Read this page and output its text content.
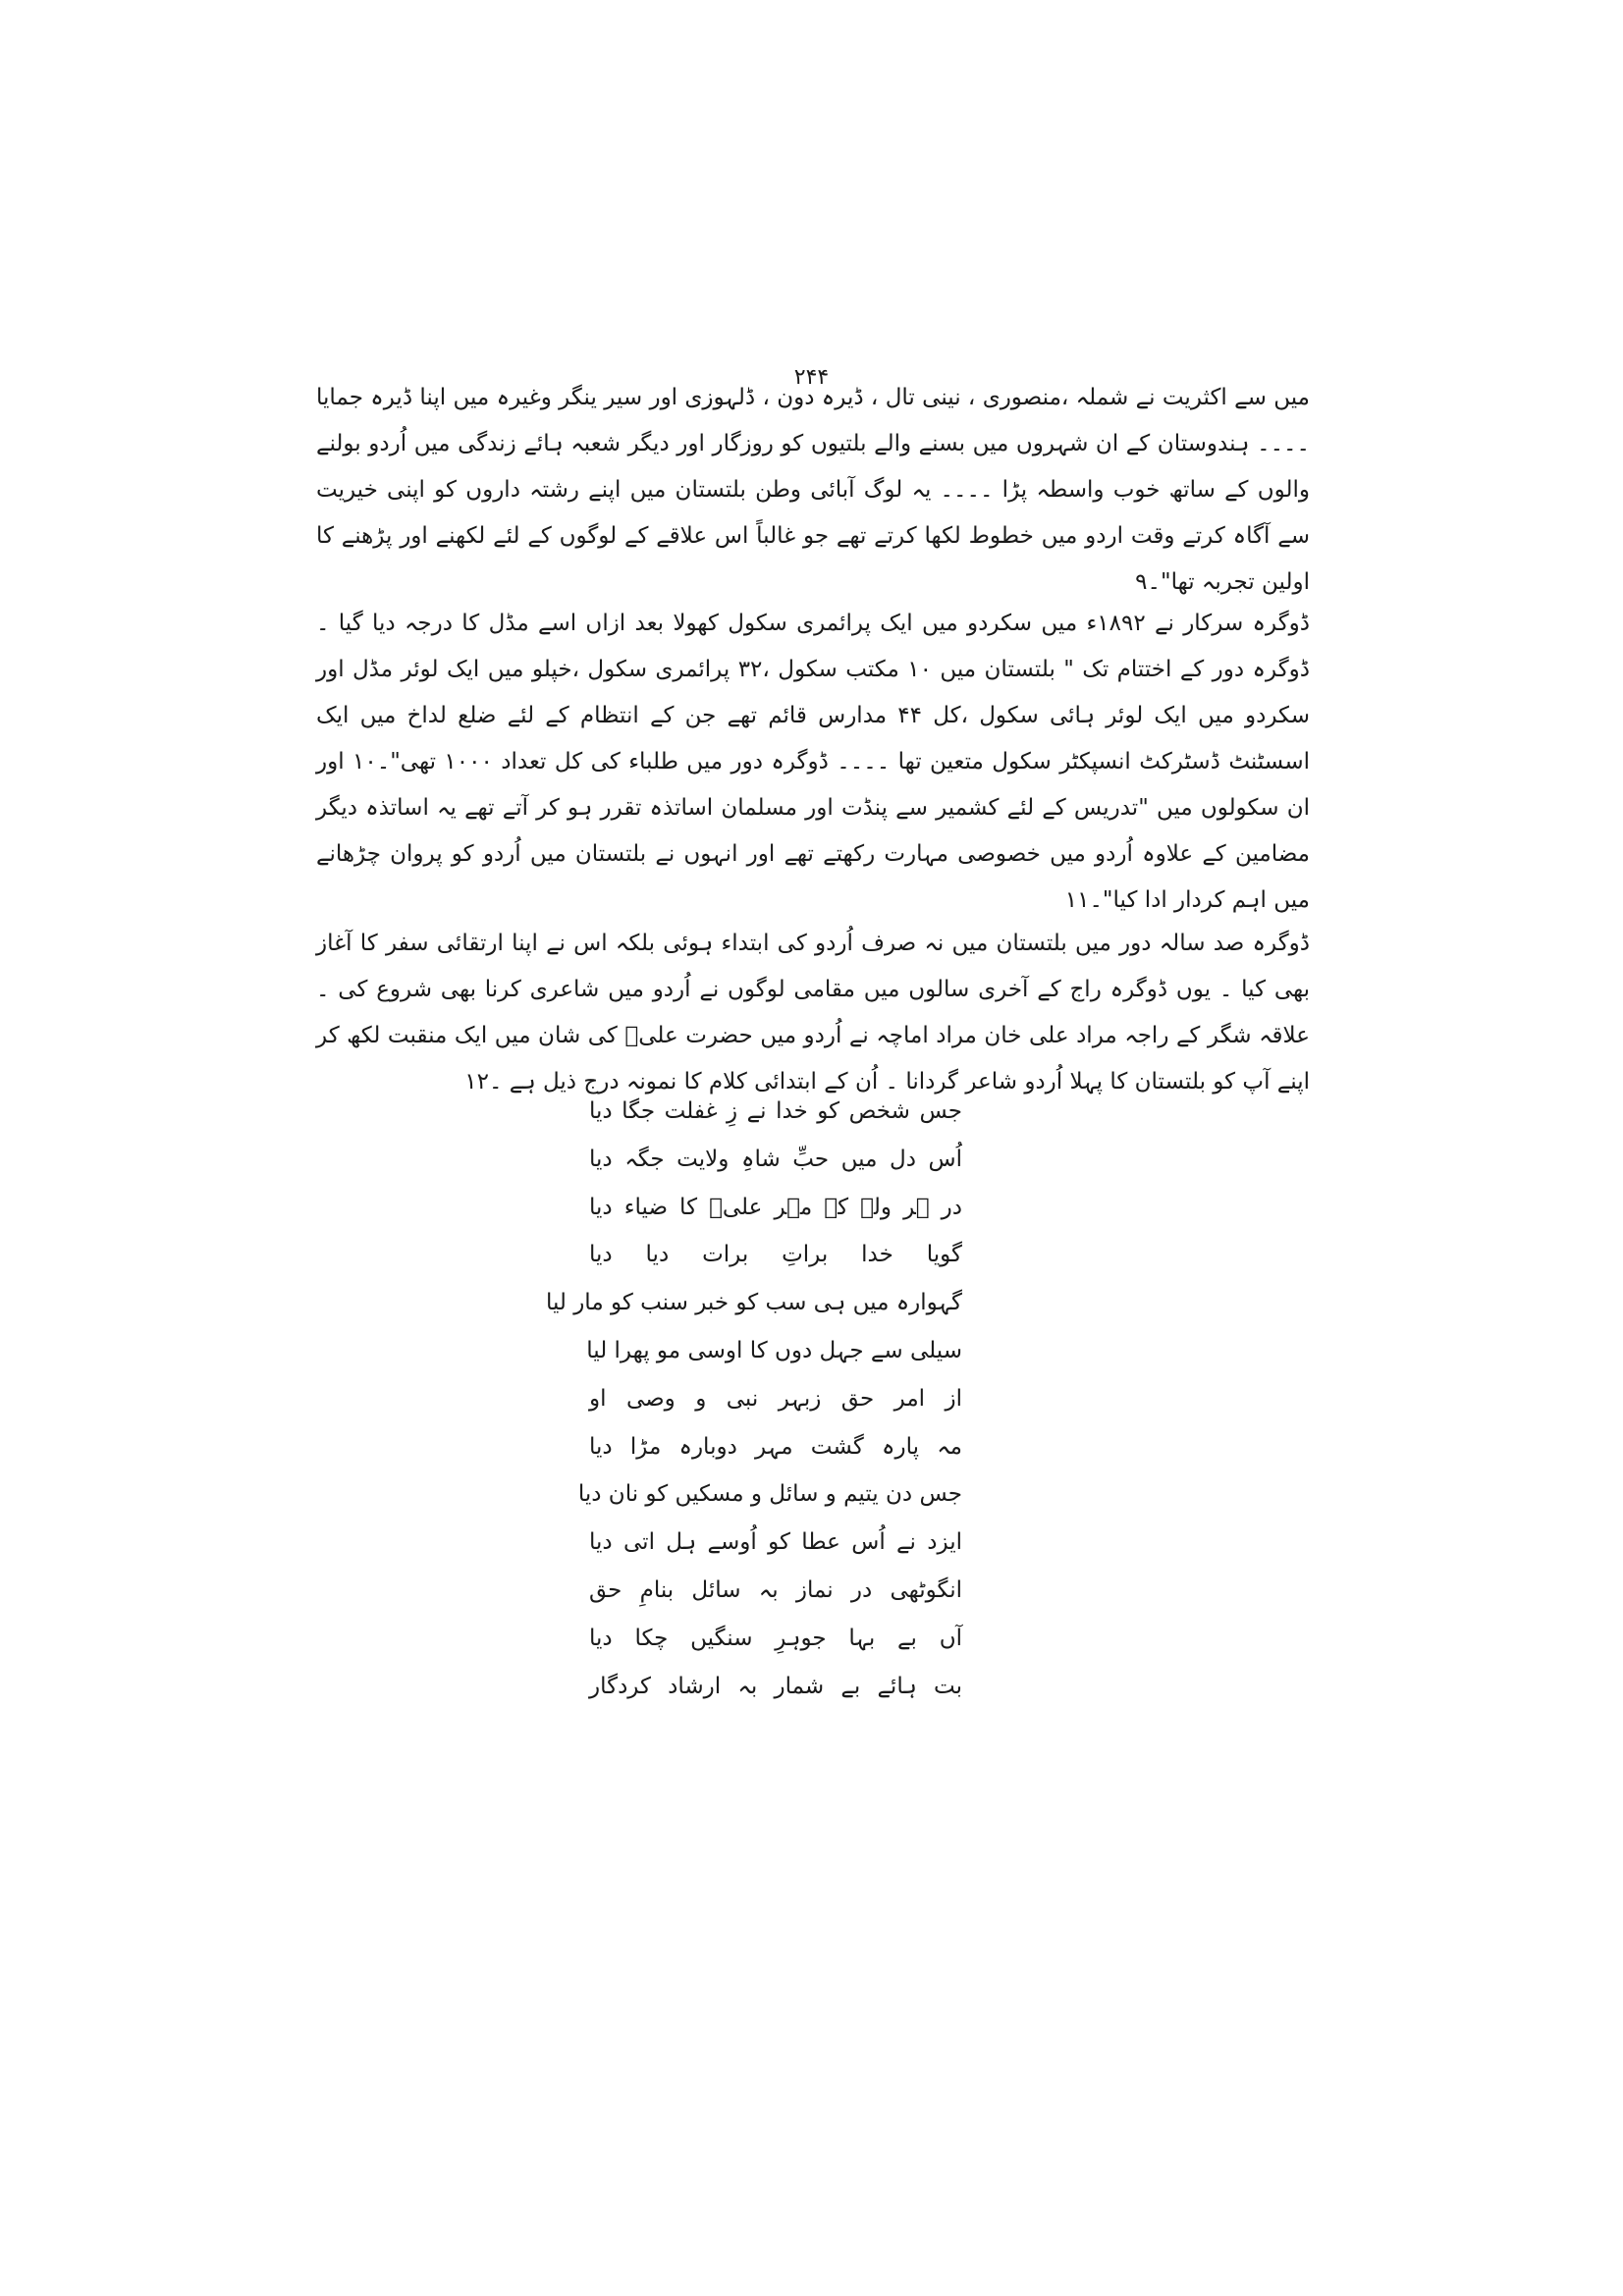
۲۴۴

میں سے اکثریت نے شملہ ،منصوری ، نینی تال ، ڈیرہ دون ، ڈلہوزی اور سیر ینگر وغیرہ میں اپنا ڈیرہ جمایا ۔۔۔۔ ہندوستان کے ان شہروں میں بسنے والے بلتیوں کو روزگار اور دیگر شعبہ ہائے زندگی میں اُردو بولنے والوں کے ساتھ خوب واسطہ پڑا ۔۔۔۔ یہ لوگ آبائی وطن بلتستان میں اپنے رشتہ داروں کو اپنی خیریت سے آگاہ کرتے وقت اردو میں خطوط لکھا کرتے تھے جو غالباً اس علاقے کے لوگوں کے لئے لکھنے اور پڑھنے کا اولین تجربہ تھا"۔۹

ڈوگرہ سرکار نے ۱۸۹۲ء میں سکردو میں ایک پرائمری سکول کھولا بعد ازاں اسے مڈل کا درجہ دیا گیا ۔ ڈوگرہ دور کے اختتام تک " بلتستان میں ۱۰ مکتب سکول ،۳۲ پرائمری سکول ،خپلو میں ایک لوئر مڈل اور سکردو میں ایک لوئر ہائی سکول ،کل ۴۴ مدارس قائم تھے جن کے انتظام کے لئے ضلع لداخ میں ایک اسسٹنٹ ڈسٹرکٹ انسپکٹر سکول متعین تھا ۔۔۔۔ ڈوگرہ دور میں طلباء کی کل تعداد ۱۰۰۰ تھی"۔۱۰ اور ان سکولوں میں "تدریس کے لئے کشمیر سے پنڈت اور مسلمان اساتذہ تقرر ہو کر آتے تھے یہ اساتذہ دیگر مضامین کے علاوہ اُردو میں خصوصی مہارت رکھتے تھے اور انہوں نے بلتستان میں اُردو کو پروان چڑھانے میں اہم کردار ادا کیا"۔۱۱

ڈوگرہ صد سالہ دور میں بلتستان میں نہ صرف اُردو کی ابتداء ہوئی بلکہ اس نے اپنا ارتقائی سفر کا آغاز بھی کیا ۔ یوں ڈوگرہ راج کے آخری سالوں میں مقامی لوگوں نے اُردو میں شاعری کرنا بھی شروع کی ۔ علاقہ شگر کے راجہ مراد علی خان مراد اماچہ نے اُردو میں حضرت علیؑ کی شان میں ایک منقبت لکھ کر اپنے آپ کو بلتستان کا پہلا اُردو شاعر گردانا ۔ اُن کے ابتدائی کلام کا نمونہ درج ذیل ہے ۔۱۲

جس شخص کو خدا نے زِ غفلت جگا دیا
اُس دل میں حبِّ شاہِ ولایت جگہ دیا
در ہر ولے کہ مہر علیؑ کا ضیاء دیا
گویا خدا براتِ برات دیا دیا
گہوارہ میں ہی سب کو خبر سنب کو مار لیا
سیلی سے جہل دوں کا اوسی مو پھرا لیا
از امر حق زبہر نبی و وصی او
مہ پارہ گشت مہر دوبارہ مڑا دیا
جس دن یتیم و سائل و مسکیں کو نان دیا
ایزد نے اُس عطا کو اُوسے ہل اتی دیا
انگوٹھی در نماز بہ سائل بنامِ حق
آں بے بہا جوہرِ سنگیں چکا دیا
بت ہائے بے شمار بہ ارشاد کردگار
